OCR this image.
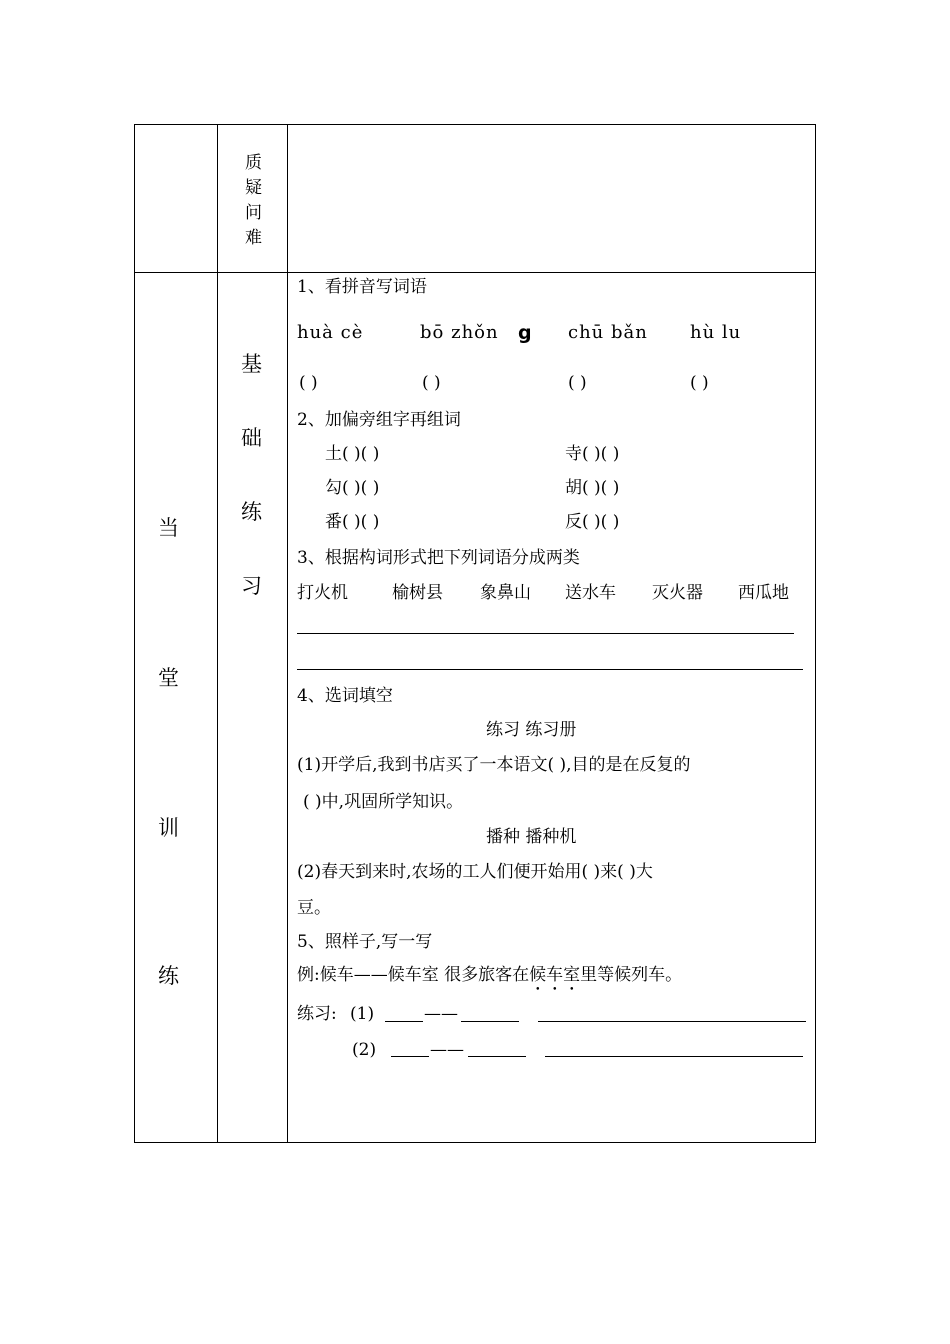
质
疑
问
难
当
堂
训
练
基
础
练
习
1、看拼音写词语
huà cè	bō zhǒn g chū bǎn hù lu
( )	( )	( )	( )
2、加偏旁组字再组词
土( )( )	寺( )( )
勾( )( )	胡( )( )
番( )( )	反( )( )
3、根据构词形式把下列词语分成两类
打火机	榆树县 象鼻山 送水车 灭火器 西瓜地
4、选词填空
练习 练习册
(1)开学后,我到书店买了一本语文( ),目的是在反复的
( )中,巩固所学知识。
播种 播种机
(2)春天到来时,农场的工人们便开始用( )来( )大
豆。
5、照样子,写一写
例:候车——候车室 很多旅客在候车室里等候列车。
练习: (1)	——
(2)	——
